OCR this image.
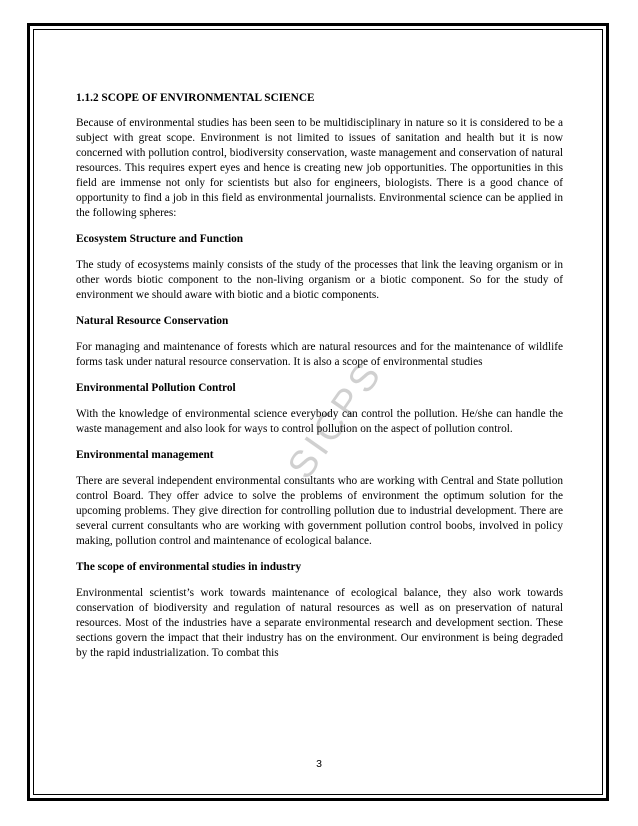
SICPS
1.1.2 SCOPE OF ENVIRONMENTAL SCIENCE
Because of environmental studies has been seen to be multidisciplinary in nature so it is considered to be a subject with great scope. Environment is not limited to issues of sanitation and health but it is now concerned with pollution control, biodiversity conservation, waste management and conservation of natural resources. This requires expert eyes and hence is creating new job opportunities. The opportunities in this field are immense not only for scientists but also for engineers, biologists. There is a good chance of opportunity to find a job in this field as environmental journalists. Environmental science can be applied in the following spheres:
Ecosystem Structure and Function
The study of ecosystems mainly consists of the study of the processes that link the leaving organism or in other words biotic component to the non-living organism or a biotic component. So for the study of environment we should aware with biotic and a biotic components.
Natural Resource Conservation
For managing and maintenance of forests which are natural resources and for the maintenance of wildlife forms task under natural resource conservation. It is also a scope of environmental studies
Environmental Pollution Control
With the knowledge of environmental science everybody can control the pollution. He/she can handle the waste management and also look for ways to control pollution on the aspect of pollution control.
Environmental management
There are several independent environmental consultants who are working with Central and State pollution control Board. They offer advice to solve the problems of environment the optimum solution for the upcoming problems. They give direction for controlling pollution due to industrial development. There are several current consultants who are working with government pollution control boobs, involved in policy making, pollution control and maintenance of ecological balance.
The scope of environmental studies in industry
Environmental scientist’s work towards maintenance of ecological balance, they also work towards conservation of biodiversity and regulation of natural resources as well as on preservation of natural resources. Most of the industries have a separate environmental research and development section. These sections govern the impact that their industry has on the environment. Our environment is being degraded by the rapid industrialization. To combat this
3
